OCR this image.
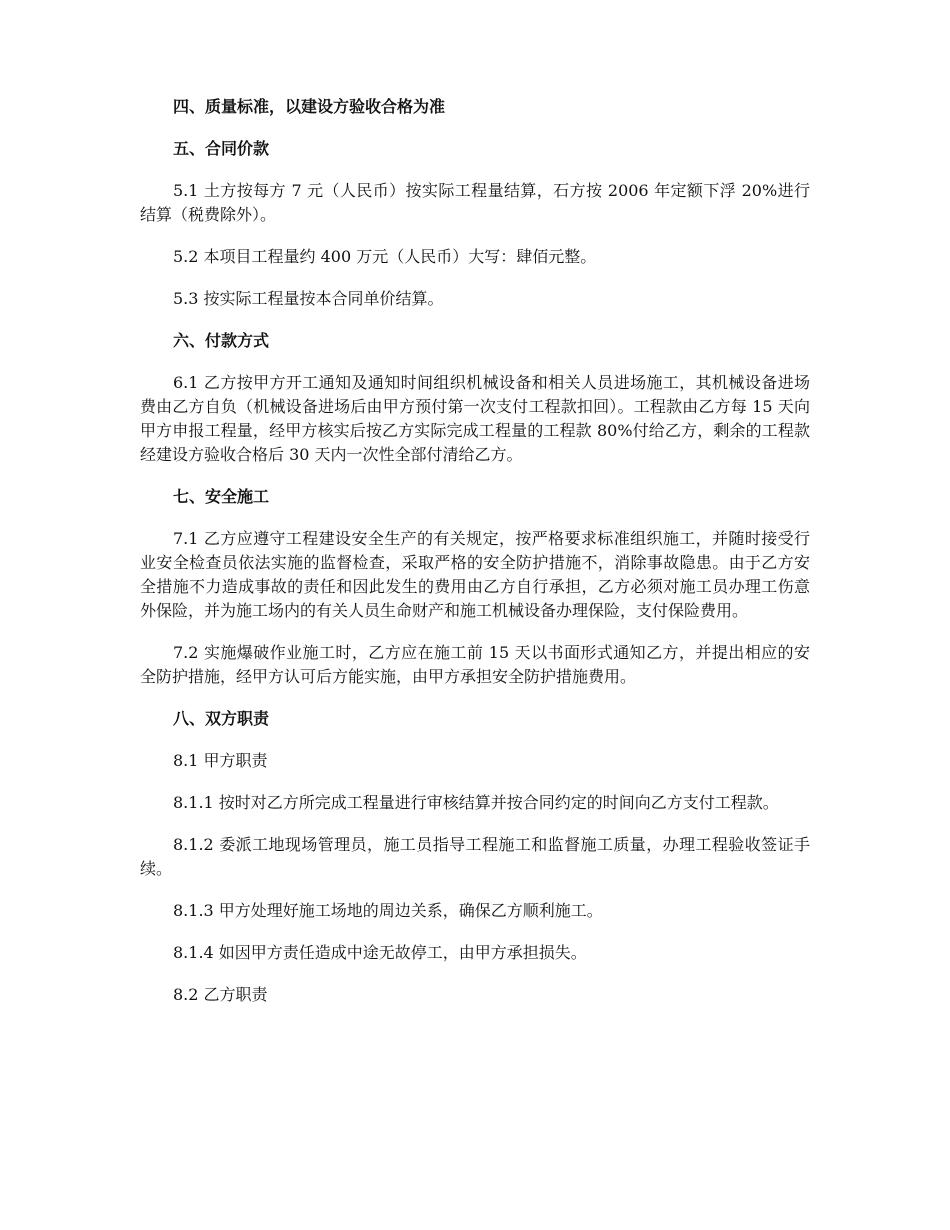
四、质量标准，以建设方验收合格为准
五、合同价款

5.1 土方按每方 7 元（人民币）按实际工程量结算，石方按 2006 年定额下浮 20%进行结算（税费除外）。

5.2 本项目工程量约 400 万元（人民币）大写：肆佰元整。

5.3 按实际工程量按本合同单价结算。

六、付款方式

6.1 乙方按甲方开工通知及通知时间组织机械设备和相关人员进场施工，其机械设备进场费由乙方自负（机械设备进场后由甲方预付第一次支付工程款扣回）。工程款由乙方每 15 天向甲方申报工程量，经甲方核实后按乙方实际完成工程量的工程款 80%付给乙方，剩余的工程款经建设方验收合格后 30 天内一次性全部付清给乙方。

七、安全施工

7.1 乙方应遵守工程建设安全生产的有关规定，按严格要求标准组织施工，并随时接受行业安全检查员依法实施的监督检查，采取严格的安全防护措施不，消除事故隐患。由于乙方安全措施不力造成事故的责任和因此发生的费用由乙方自行承担，乙方必须对施工员办理工伤意外保险，并为施工场内的有关人员生命财产和施工机械设备办理保险，支付保险费用。

7.2 实施爆破作业施工时，乙方应在施工前 15 天以书面形式通知乙方，并提出相应的安全防护措施，经甲方认可后方能实施，由甲方承担安全防护措施费用。

八、双方职责

8.1 甲方职责

8.1.1 按时对乙方所完成工程量进行审核结算并按合同约定的时间向乙方支付工程款。

8.1.2 委派工地现场管理员，施工员指导工程施工和监督施工质量，办理工程验收签证手续。

8.1.3 甲方处理好施工场地的周边关系，确保乙方顺利施工。

8.1.4 如因甲方责任造成中途无故停工，由甲方承担损失。

8.2 乙方职责
